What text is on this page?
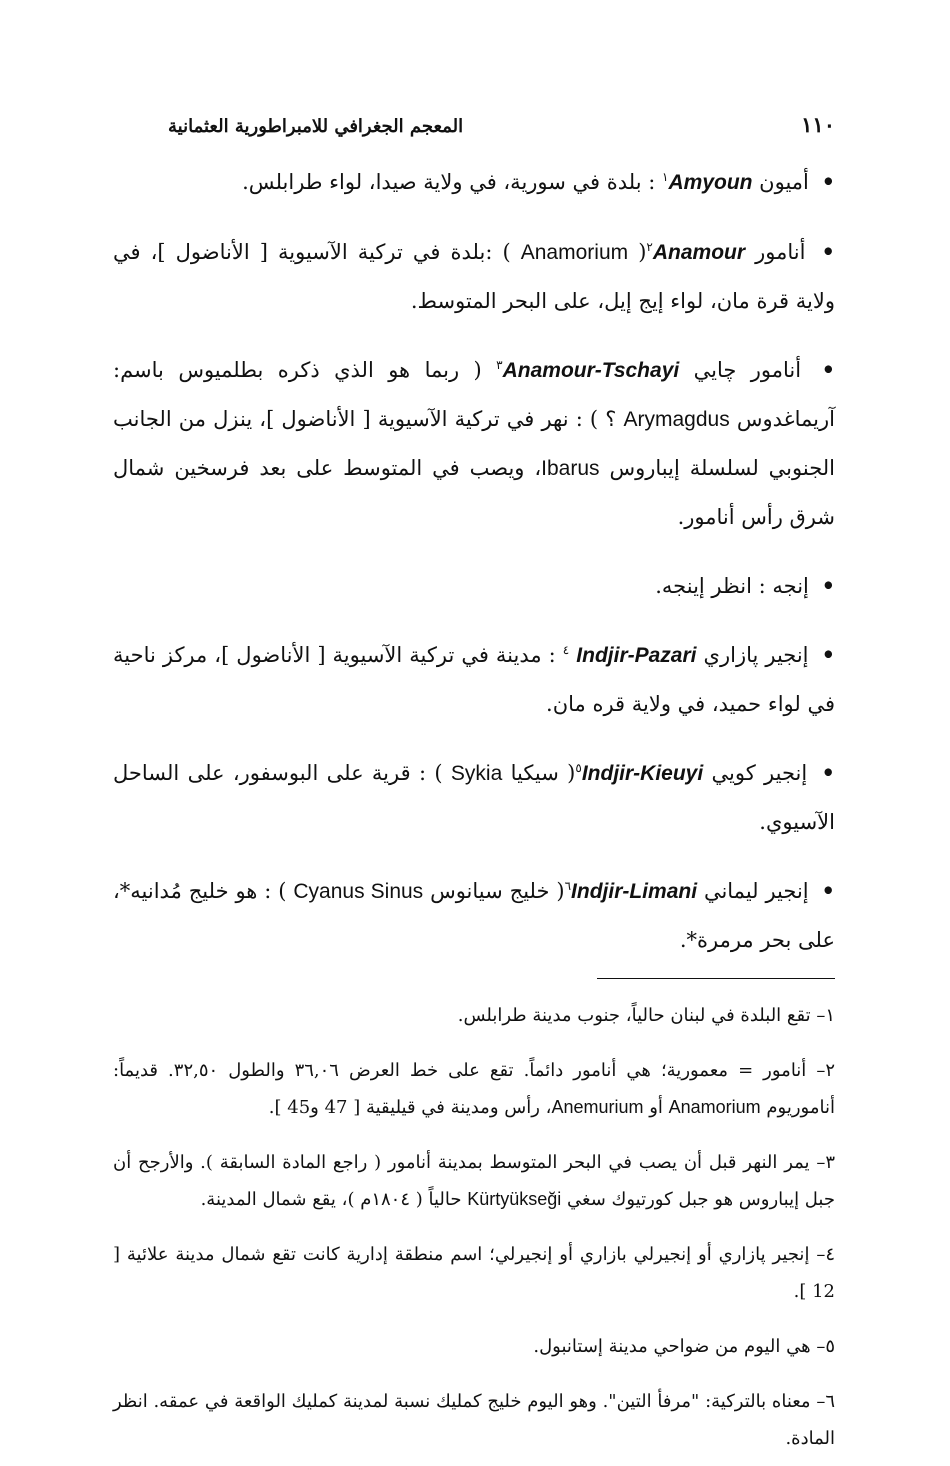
١١٠
المعجم الجغرافي للامبراطورية العثمانية

• أميون Amyoun$^١$ : بلدة في سورية، في ولاية صيدا، لواء طرابلس.

• أنامور Anamour$^٢$( Anamorium ) :بلدة في تركية الآسيوية [ الأناضول ]، في ولاية قرة مان، لواء إيج إيل، على البحر المتوسط.

• أنامور چايي Anamour-Tschayi$^٣$ ( ربما هو الذي ذكره بطلميوس باسم: آريماغدوس Arymagdus ؟ ) : نهر في تركية الآسيوية [ الأناضول ]، ينزل من الجانب الجنوبي لسلسلة إيباروس Ibarus، ويصب في المتوسط على بعد فرسخين شمال شرق رأس أنامور.

• إنجه : انظر إينجه.

• إنجير پازاري Indjir-Pazari $^٤$ : مدينة في تركية الآسيوية [ الأناضول ]، مركز ناحية في لواء حميد، في ولاية قره مان.

• إنجير كويي Indjir-Kieuyi$^٥$( سيكيا Sykia ) : قرية على البوسفور، على الساحل الآسيوي.

• إنجير ليماني Indjir-Limani$^٦$( خليج سيانوس Cyanus Sinus ) : هو خليج مُدانيه*، على بحر مرمرة*.

١– تقع البلدة في لبنان حالياً، جنوب مدينة طرابلس.

٢– أنامور = معمورية؛ هي أنامور دائماً. تقع على خط العرض ٣٦,٠٦ والطول ٣٢,٥٠. قديماً: أناموريوم Anamorium أو Anemurium، رأس ومدينة في قيليقية [ 47 و45 ].

٣– يمر النهر قبل أن يصب في البحر المتوسط بمدينة أنامور ( راجع المادة السابقة ). والأرجح أن جبل إيباروس هو جبل كورتيوك سغي Kürtyükseği حالياً ( ١٨٠٤م )، يقع شمال المدينة.

٤– إنجير پازاري أو إنجيرلي بازاري أو إنجيرلي؛ اسم منطقة إدارية كانت تقع شمال مدينة علائية [ 12 ].

٥– هي اليوم من ضواحي مدينة إستانبول.

٦– معناه بالتركية: "مرفأ التين". وهو اليوم خليج كمليك نسبة لمدينة كمليك الواقعة في عمقه. انظر المادة.
